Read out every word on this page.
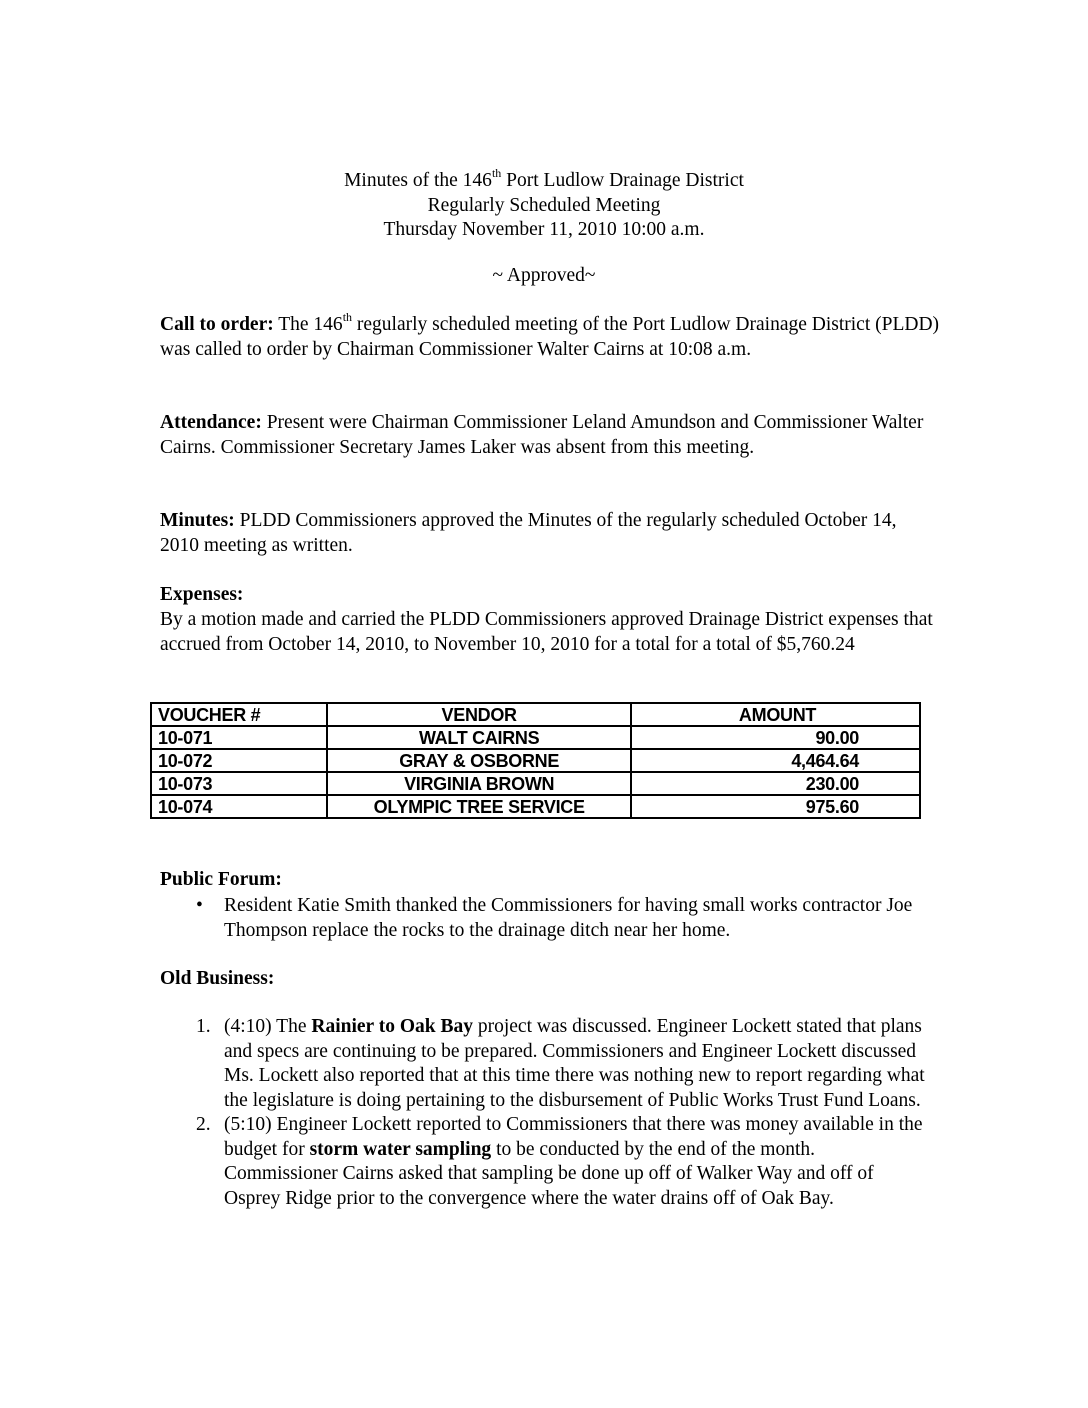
Minutes of the 146th Port Ludlow Drainage District
Regularly Scheduled Meeting
Thursday November 11, 2010 10:00 a.m.
~ Approved~

Call to order: The 146th regularly scheduled meeting of the Port Ludlow Drainage District (PLDD) was called to order by Chairman Commissioner Walter Cairns at 10:08 a.m.

Attendance: Present were Chairman Commissioner Leland Amundson and Commissioner Walter Cairns. Commissioner Secretary James Laker was absent from this meeting.

Minutes: PLDD Commissioners approved the Minutes of the regularly scheduled October 14, 2010 meeting as written.

Expenses:

By a motion made and carried the PLDD Commissioners approved Drainage District expenses that accrued from October 14, 2010, to November 10, 2010 for a total for a total of $5,760.24

VOUCHER #	VENDOR	AMOUNT
10-071	WALT CAIRNS	90.00
10-072	GRAY & OSBORNE	4,464.64
10-073	VIRGINIA BROWN	230.00
10-074	OLYMPIC TREE SERVICE	975.60

Public Forum:

• Resident Katie Smith thanked the Commissioners for having small works contractor Joe Thompson replace the rocks to the drainage ditch near her home.

Old Business:

1. (4:10) The Rainier to Oak Bay project was discussed. Engineer Lockett stated that plans and specs are continuing to be prepared. Commissioners and Engineer Lockett discussed Ms. Lockett also reported that at this time there was nothing new to report regarding what the legislature is doing pertaining to the disbursement of Public Works Trust Fund Loans.
2. (5:10) Engineer Lockett reported to Commissioners that there was money available in the budget for storm water sampling to be conducted by the end of the month. Commissioner Cairns asked that sampling be done up off of Walker Way and off of Osprey Ridge prior to the convergence where the water drains off of Oak Bay.
